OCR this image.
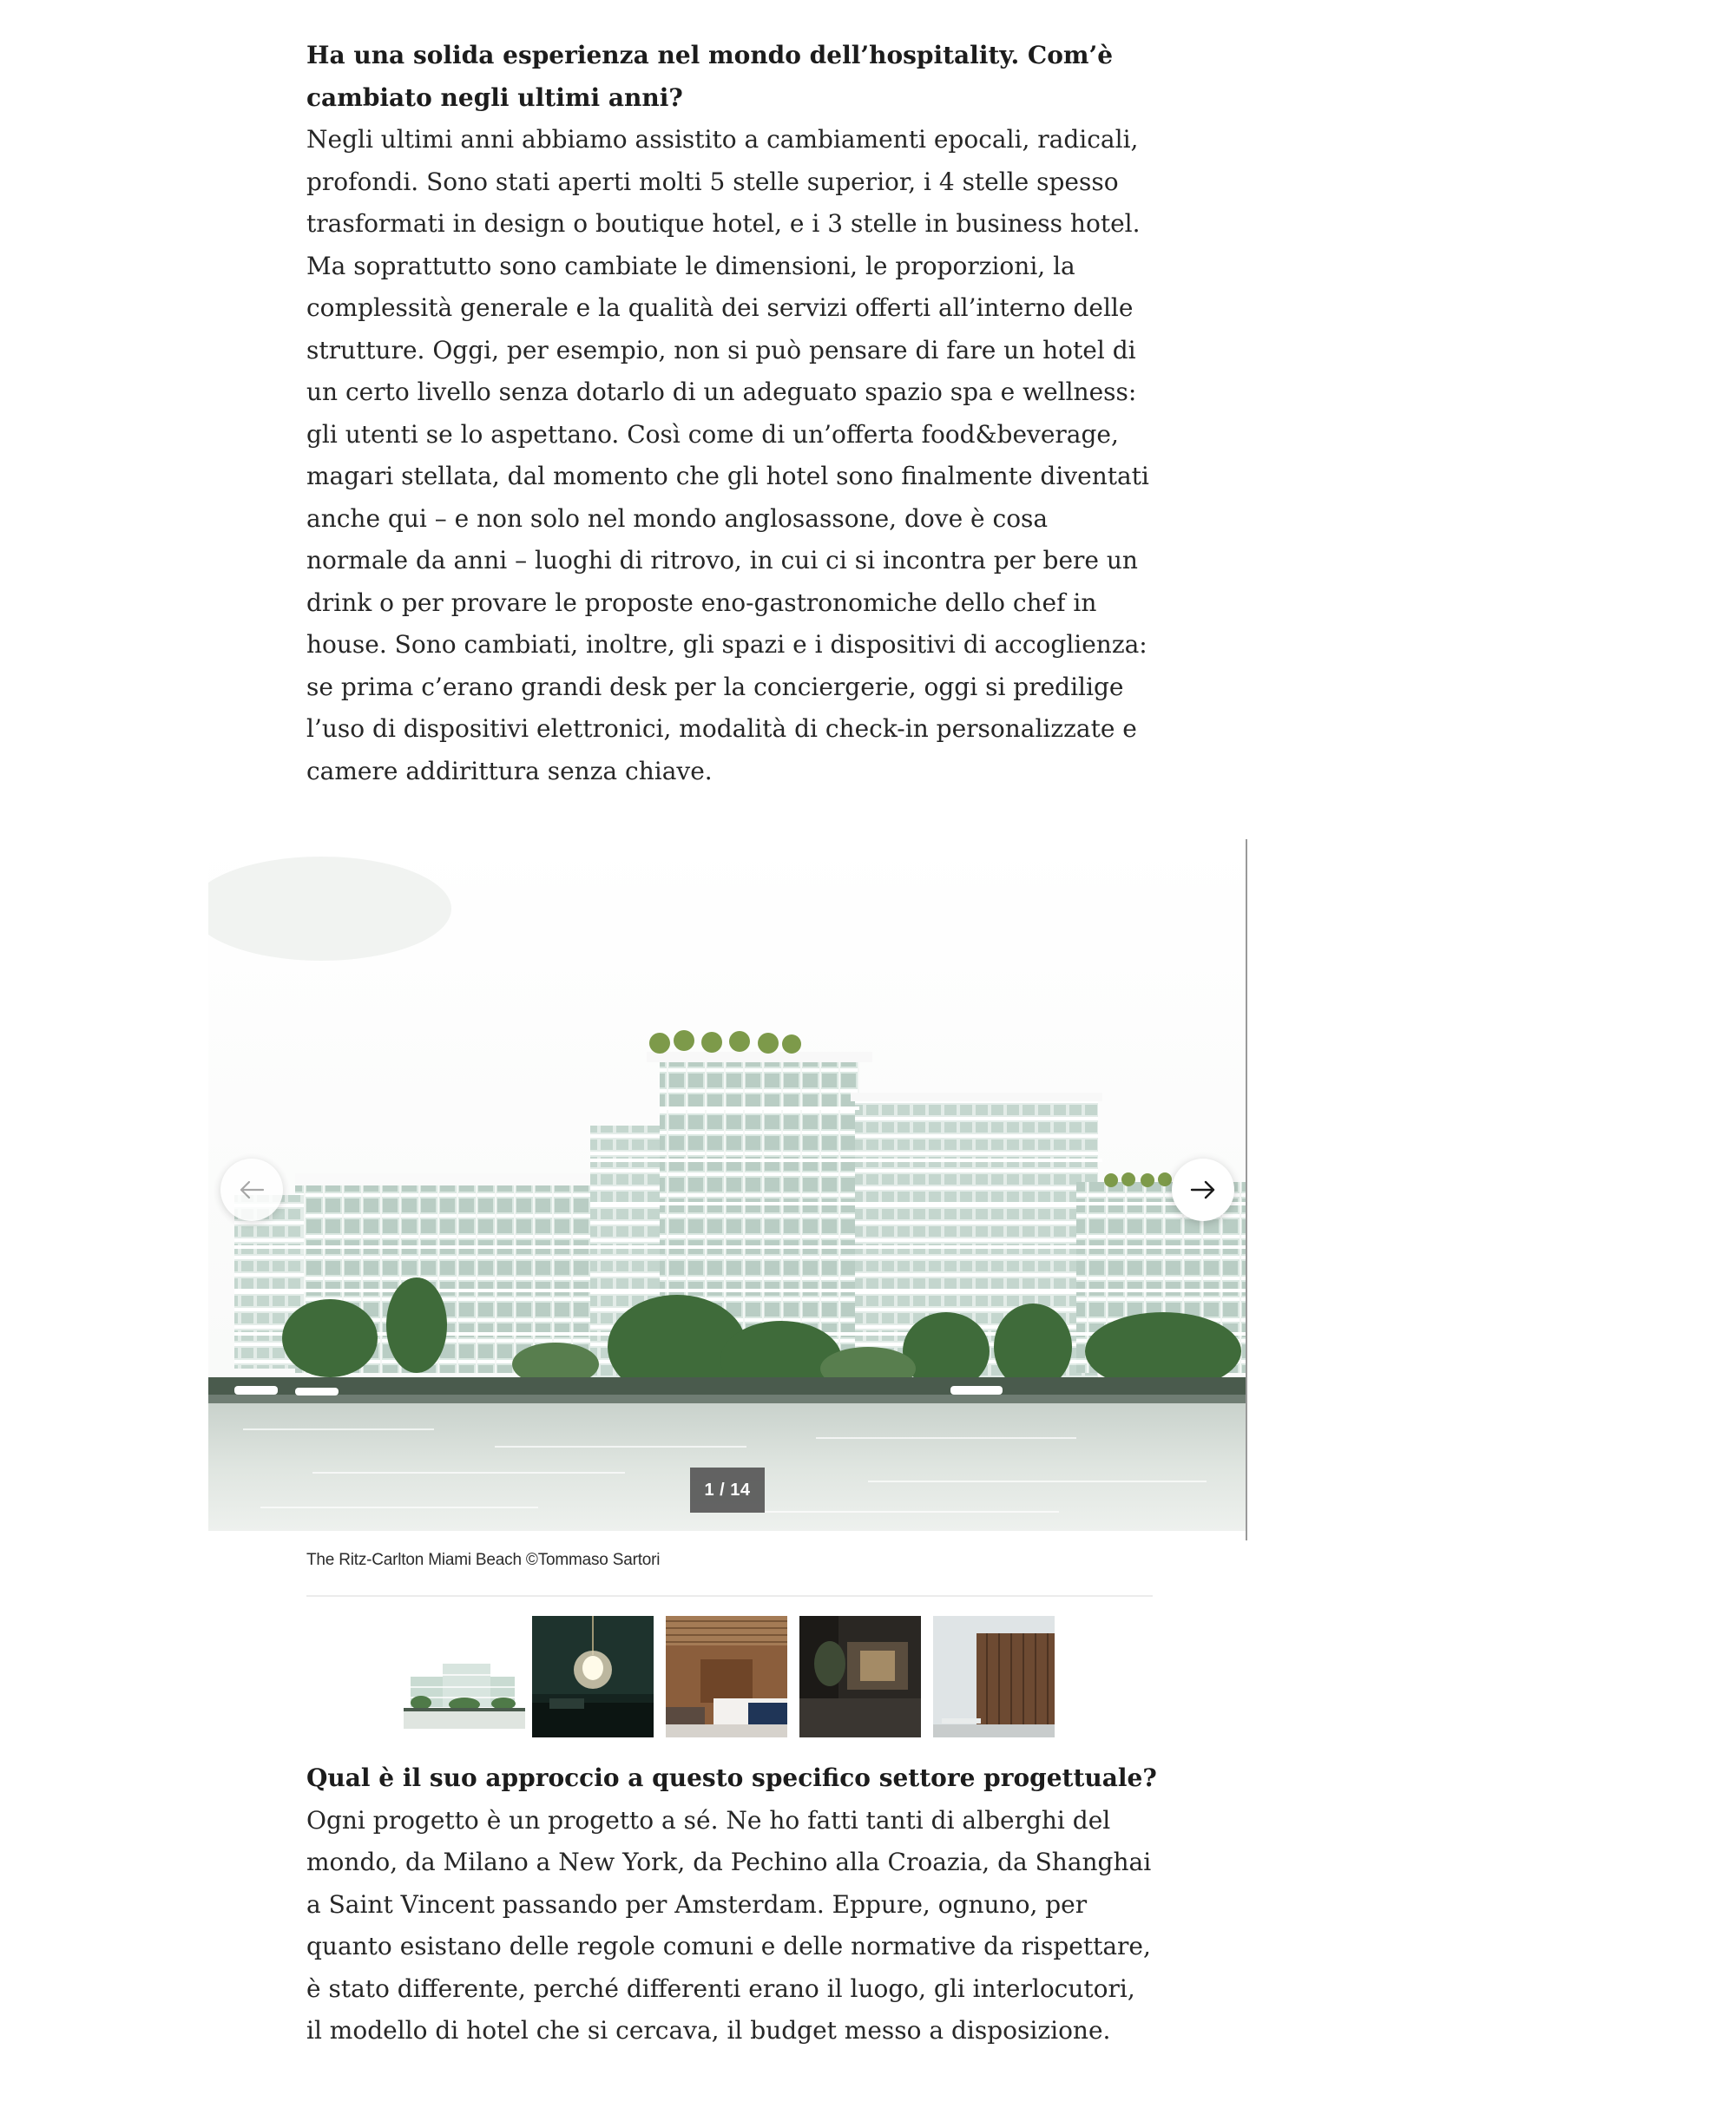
Ha una solida esperienza nel mondo dell’hospitality. Com’è cambiato negli ultimi anni?

Negli ultimi anni abbiamo assistito a cambiamenti epocali, radicali, profondi. Sono stati aperti molti 5 stelle superior, i 4 stelle spesso trasformati in design o boutique hotel, e i 3 stelle in business hotel. Ma soprattutto sono cambiate le dimensioni, le proporzioni, la complessità generale e la qualità dei servizi offerti all’interno delle strutture. Oggi, per esempio, non si può pensare di fare un hotel di un certo livello senza dotarlo di un adeguato spazio spa e wellness: gli utenti se lo aspettano. Così come di un’offerta food&beverage, magari stellata, dal momento che gli hotel sono finalmente diventati anche qui – e non solo nel mondo anglosassone, dove è cosa normale da anni – luoghi di ritrovo, in cui ci si incontra per bere un drink o per provare le proposte eno-gastronomiche dello chef in house. Sono cambiati, inoltre, gli spazi e i dispositivi di accoglienza: se prima c’erano grandi desk per la conciergerie, oggi si predilige l’uso di dispositivi elettronici, modalità di check-in personalizzate e camere addirittura senza chiave.

1 / 14
The Ritz-Carlton Miami Beach ©Tommaso Sartori

Qual è il suo approccio a questo specifico settore progettuale?

Ogni progetto è un progetto a sé. Ne ho fatti tanti di alberghi del mondo, da Milano a New York, da Pechino alla Croazia, da Shanghai a Saint Vincent passando per Amsterdam. Eppure, ognuno, per quanto esistano delle regole comuni e delle normative da rispettare, è stato differente, perché differenti erano il luogo, gli interlocutori, il modello di hotel che si cercava, il budget messo a disposizione.
